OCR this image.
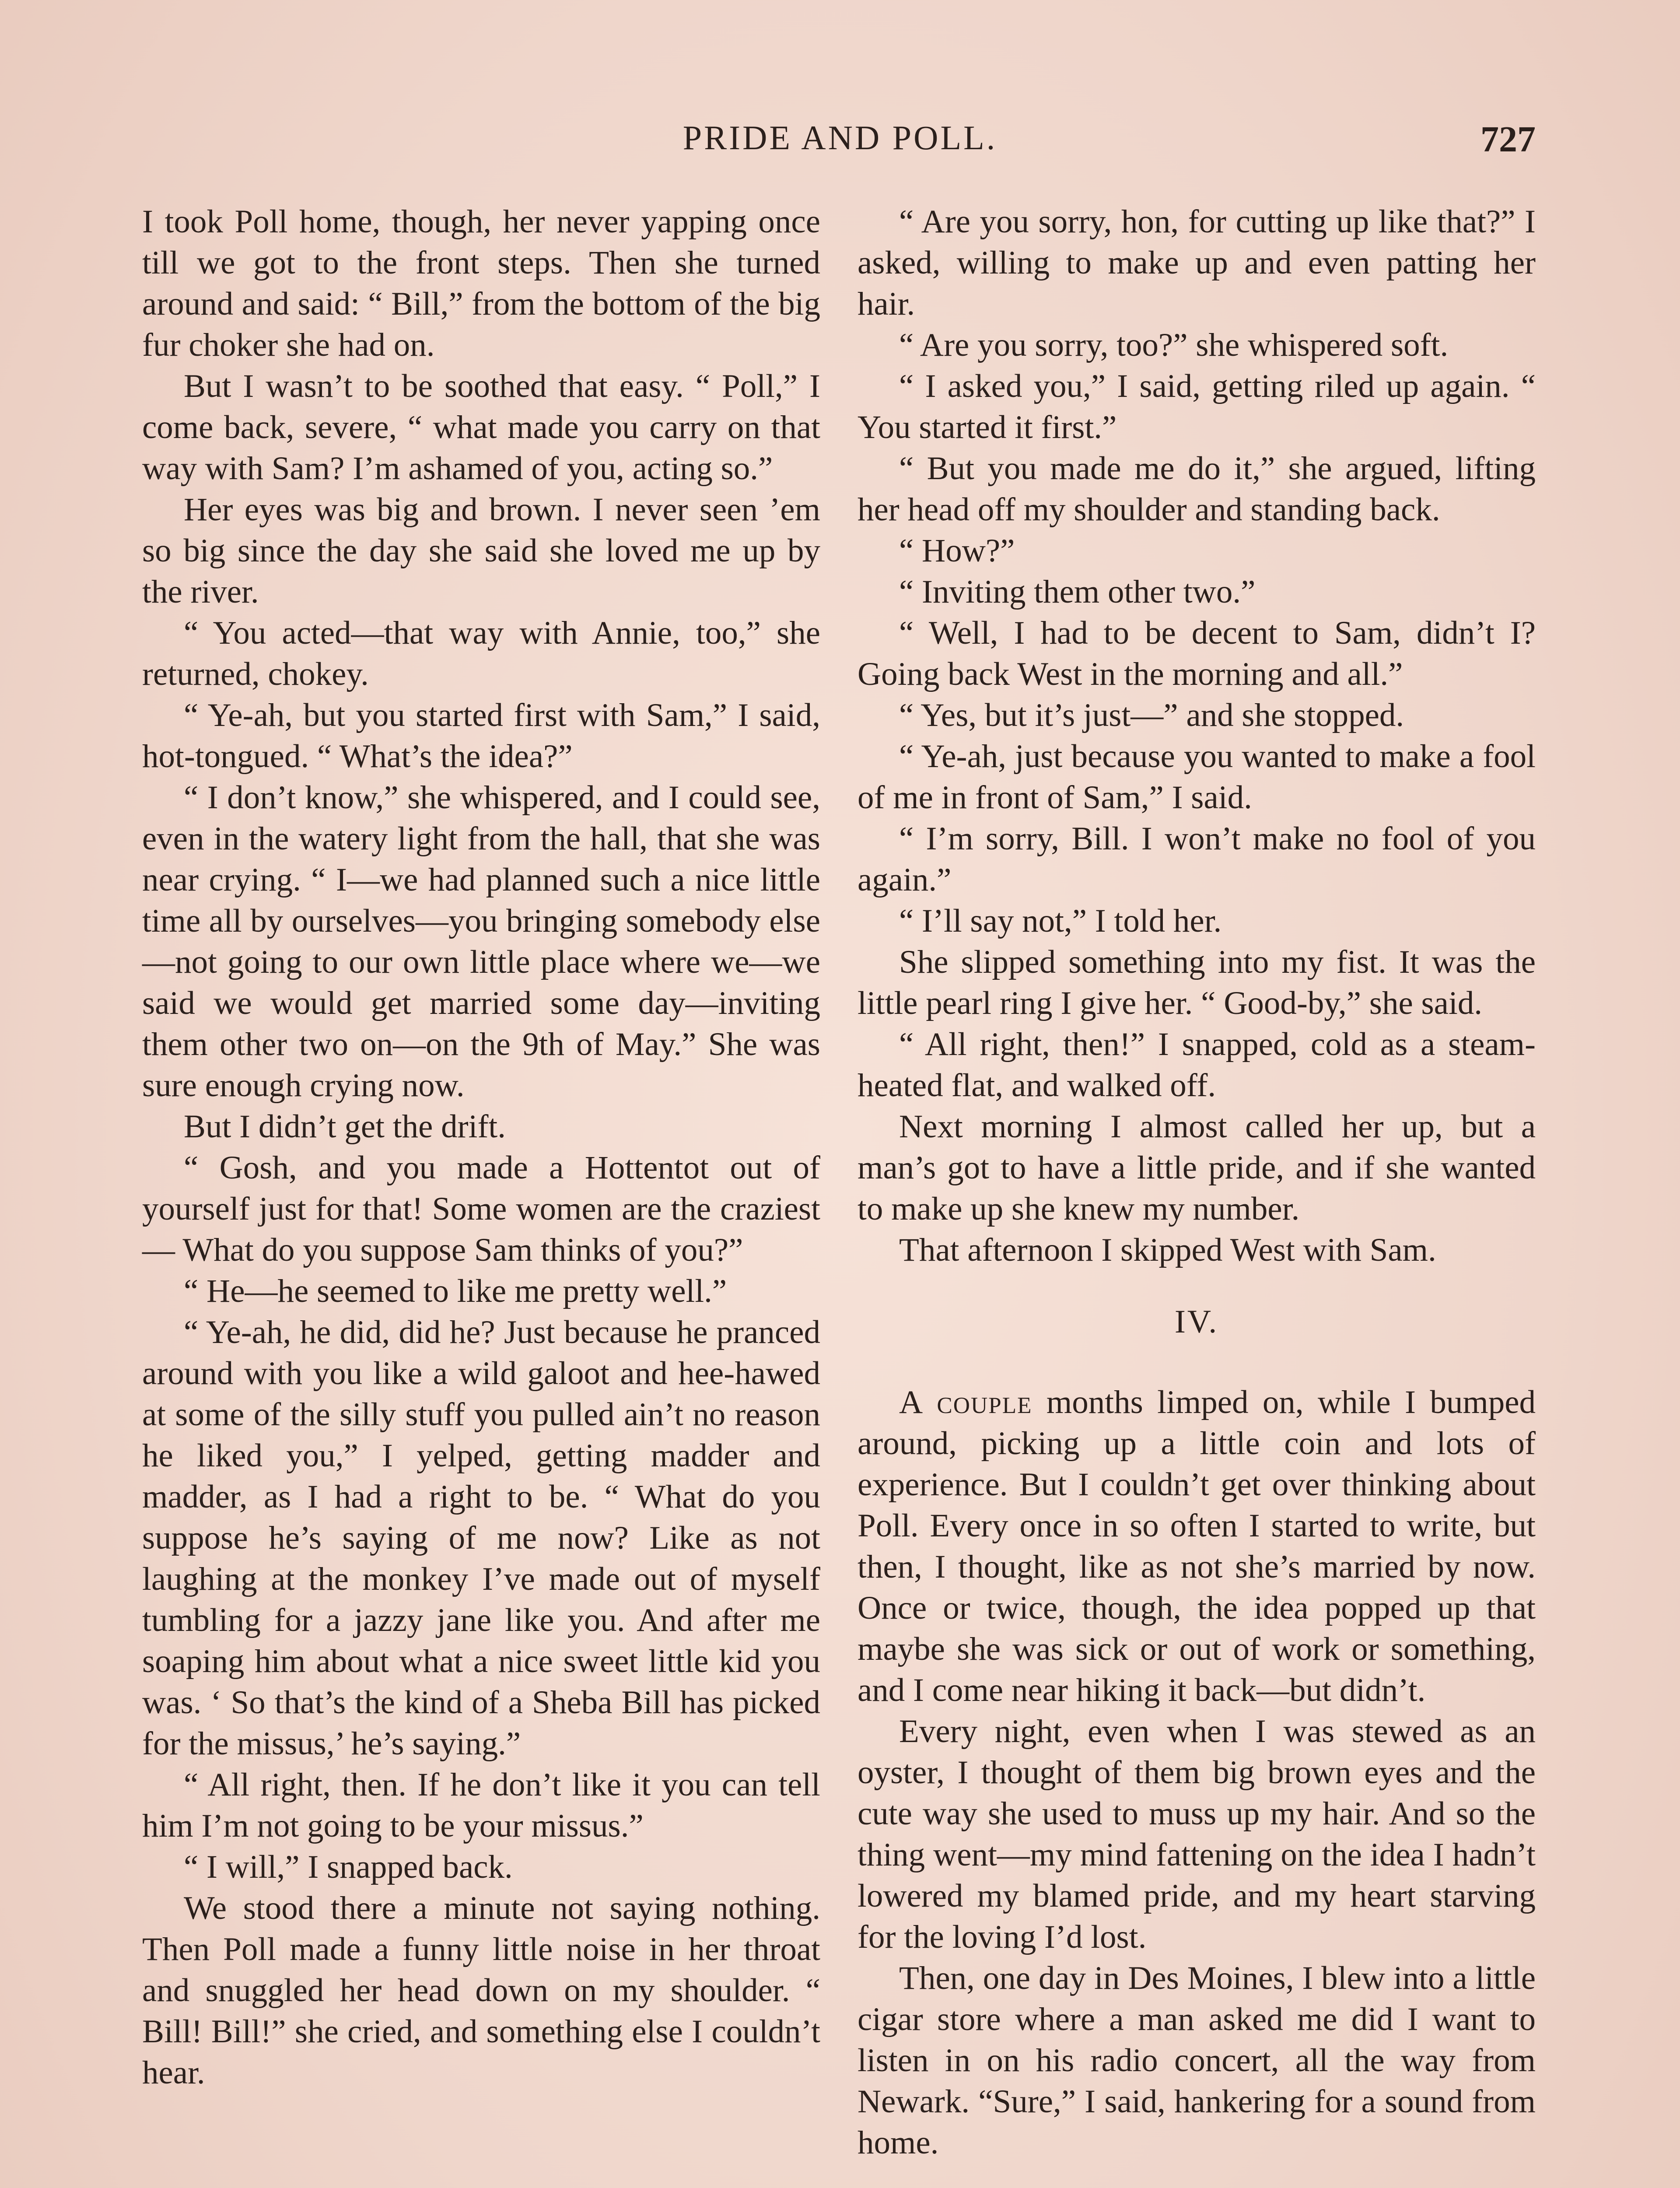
PRIDE AND POLL.	727

I took Poll home, though, her never yapping once till we got to the front steps. Then she turned around and said: “ Bill,” from the bottom of the big fur choker she had on.

But I wasn’t to be soothed that easy. “ Poll,” I come back, severe, “ what made you carry on that way with Sam? I’m ashamed of you, acting so.”

Her eyes was big and brown. I never seen ’em so big since the day she said she loved me up by the river.

“ You acted—that way with Annie, too,” she returned, chokey.

“ Ye-ah, but you started first with Sam,” I said, hot-tongued. “ What’s the idea?”

“ I don’t know,” she whispered, and I could see, even in the watery light from the hall, that she was near crying. “ I—we had planned such a nice little time all by ourselves—you bringing somebody else—not going to our own little place where we—we said we would get married some day—inviting them other two on—on the 9th of May.” She was sure enough crying now.

But I didn’t get the drift.

“ Gosh, and you made a Hottentot out of yourself just for that! Some women are the craziest— What do you suppose Sam thinks of you?”

“ He—he seemed to like me pretty well.”

“ Ye-ah, he did, did he? Just because he pranced around with you like a wild galoot and hee-hawed at some of the silly stuff you pulled ain’t no reason he liked you,” I yelped, getting madder and madder, as I had a right to be. “ What do you suppose he’s saying of me now? Like as not laughing at the monkey I’ve made out of myself tumbling for a jazzy jane like you. And after me soaping him about what a nice sweet little kid you was. ‘ So that’s the kind of a Sheba Bill has picked for the missus,’ he’s saying.”

“ All right, then. If he don’t like it you can tell him I’m not going to be your missus.”

“ I will,” I snapped back.

We stood there a minute not saying nothing. Then Poll made a funny little noise in her throat and snuggled her head down on my shoulder. “ Bill! Bill!” she cried, and something else I couldn’t hear.

“ Are you sorry, hon, for cutting up like that?” I asked, willing to make up and even patting her hair.

“ Are you sorry, too?” she whispered soft.

“ I asked you,” I said, getting riled up again. “ You started it first.”

“ But you made me do it,” she argued, lifting her head off my shoulder and standing back.

“ How?”

“ Inviting them other two.”

“ Well, I had to be decent to Sam, didn’t I? Going back West in the morning and all.”

“ Yes, but it’s just—” and she stopped.

“ Ye-ah, just because you wanted to make a fool of me in front of Sam,” I said.

“ I’m sorry, Bill. I won’t make no fool of you again.”

“ I’ll say not,” I told her.

She slipped something into my fist. It was the little pearl ring I give her. “ Good-by,” she said.

“ All right, then!” I snapped, cold as a steam-heated flat, and walked off.

Next morning I almost called her up, but a man’s got to have a little pride, and if she wanted to make up she knew my number.

That afternoon I skipped West with Sam.

IV.

A couple months limped on, while I bumped around, picking up a little coin and lots of experience. But I couldn’t get over thinking about Poll. Every once in so often I started to write, but then, I thought, like as not she’s married by now. Once or twice, though, the idea popped up that maybe she was sick or out of work or something, and I come near hiking it back—but didn’t.

Every night, even when I was stewed as an oyster, I thought of them big brown eyes and the cute way she used to muss up my hair. And so the thing went—my mind fattening on the idea I hadn’t lowered my blamed pride, and my heart starving for the loving I’d lost.

Then, one day in Des Moines, I blew into a little cigar store where a man asked me did I want to listen in on his radio concert, all the way from Newark. “Sure,” I said, hankering for a sound from home.
